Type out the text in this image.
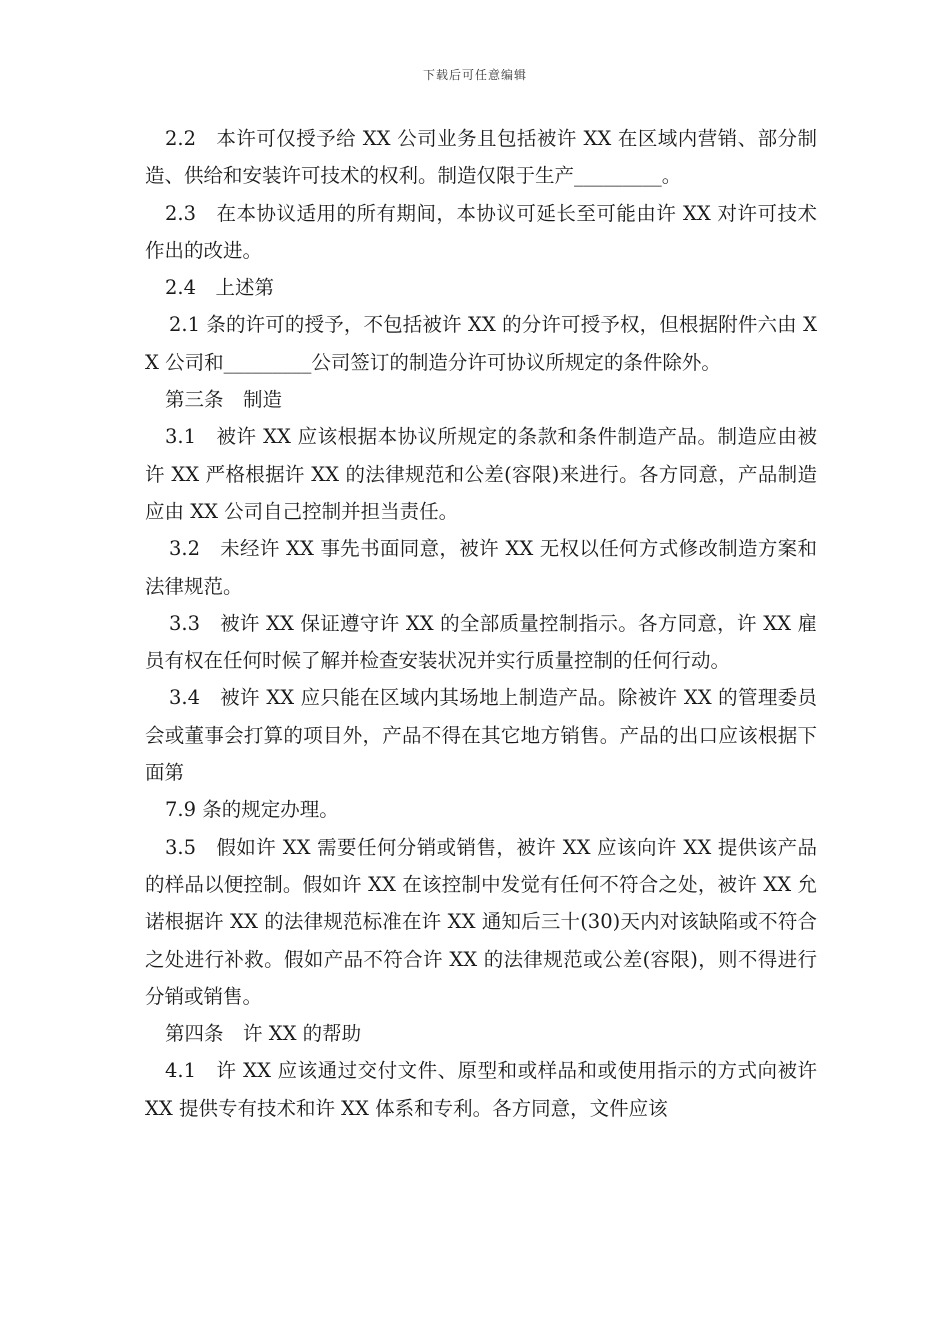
下载后可任意编辑

2.2　本许可仅授予给 XX 公司业务且包括被许 XX 在区域内营销、部分制造、供给和安装许可技术的权利。制造仅限于生产_________。

2.3　在本协议适用的所有期间，本协议可延长至可能由许 XX 对许可技术作出的改进。

2.4　上述第

2.1 条的许可的授予，不包括被许 XX 的分许可授予权，但根据附件六由 XX 公司和_________公司签订的制造分许可协议所规定的条件除外。

第三条　制造

3.1　被许 XX 应该根据本协议所规定的条款和条件制造产品。制造应由被许 XX 严格根据许 XX 的法律规范和公差(容限)来进行。各方同意，产品制造应由 XX 公司自己控制并担当责任。

3.2　未经许 XX 事先书面同意，被许 XX 无权以任何方式修改制造方案和法律规范。

3.3　被许 XX 保证遵守许 XX 的全部质量控制指示。各方同意，许 XX 雇员有权在任何时候了解并检查安装状况并实行质量控制的任何行动。

3.4　被许 XX 应只能在区域内其场地上制造产品。除被许 XX 的管理委员会或董事会打算的项目外，产品不得在其它地方销售。产品的出口应该根据下面第

7.9 条的规定办理。

3.5　假如许 XX 需要任何分销或销售，被许 XX 应该向许 XX 提供该产品的样品以便控制。假如许 XX 在该控制中发觉有任何不符合之处，被许 XX 允诺根据许 XX 的法律规范标准在许 XX 通知后三十(30)天内对该缺陷或不符合之处进行补救。假如产品不符合许 XX 的法律规范或公差(容限)，则不得进行分销或销售。

第四条　许 XX 的帮助

4.1　许 XX 应该通过交付文件、原型和或样品和或使用指示的方式向被许 XX 提供专有技术和许 XX 体系和专利。各方同意，文件应该
